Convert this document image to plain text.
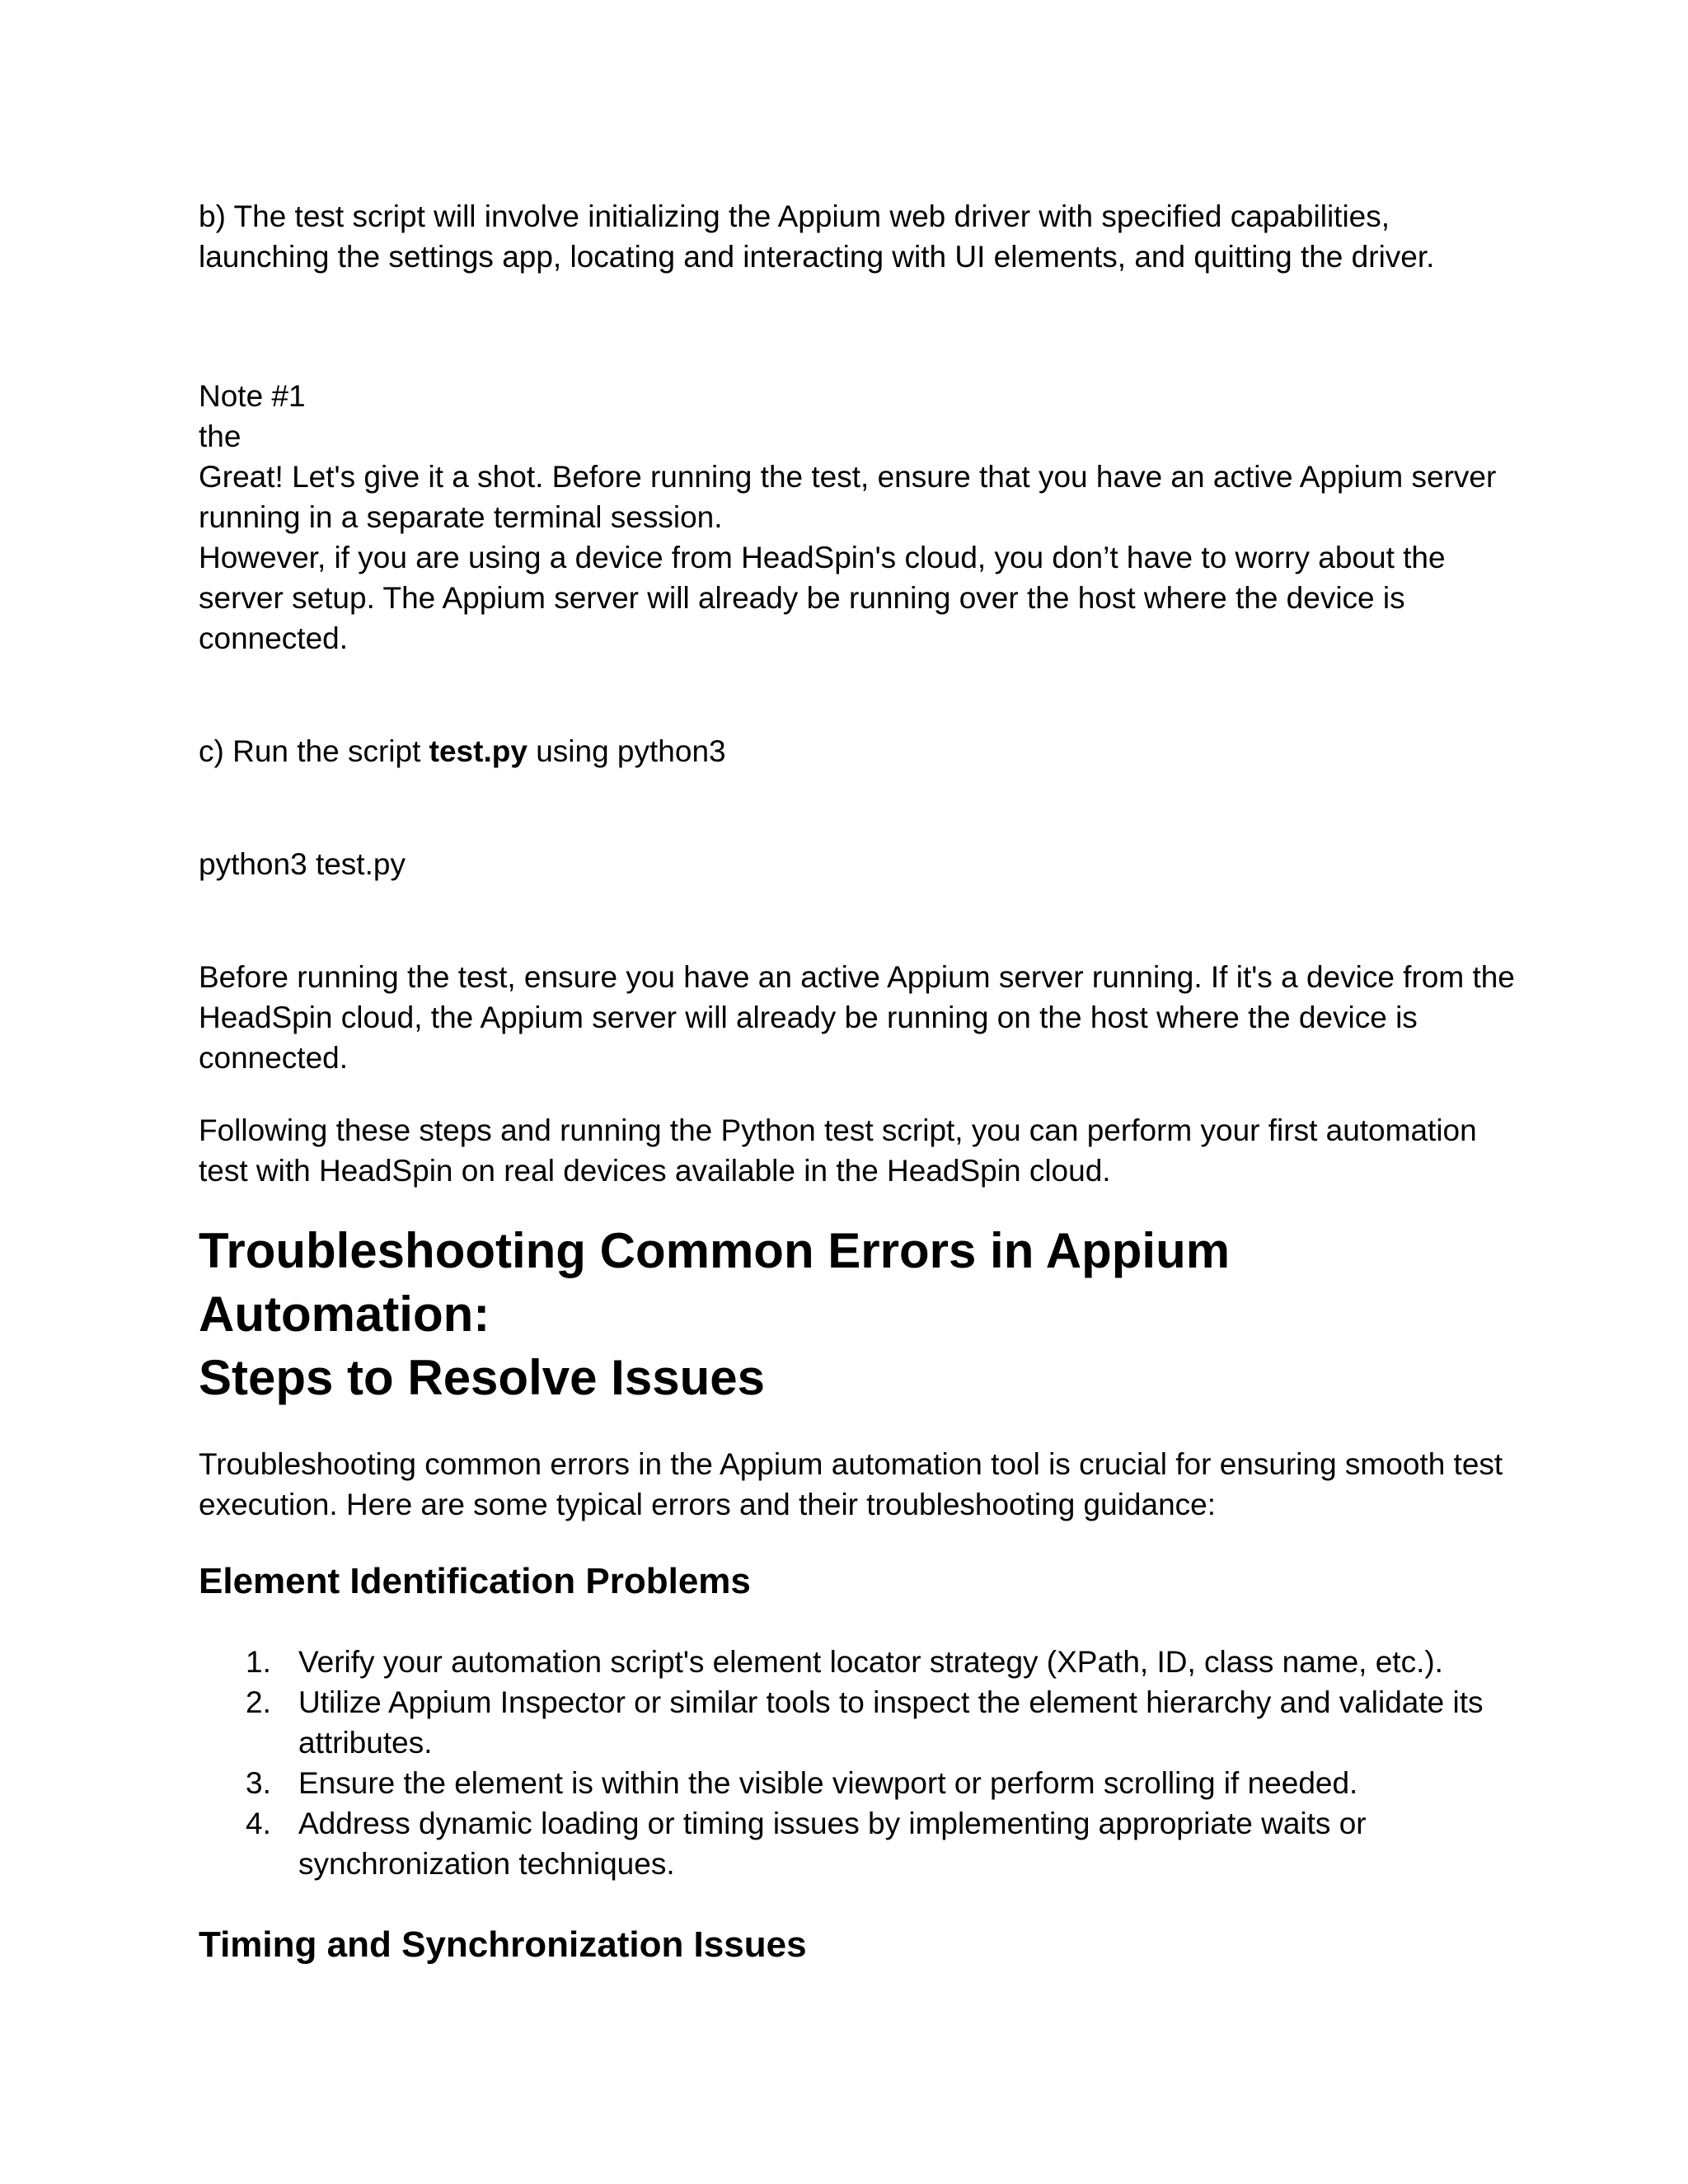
b) The test script will involve initializing the Appium web driver with specified capabilities, launching the settings app, locating and interacting with UI elements, and quitting the driver.

Note #1

the

Great! Let's give it a shot. Before running the test, ensure that you have an active Appium server running in a separate terminal session.

However, if you are using a device from HeadSpin's cloud, you don’t have to worry about the server setup. The Appium server will already be running over the host where the device is connected.

c) Run the script test.py using python3

python3 test.py

Before running the test, ensure you have an active Appium server running. If it's a device from the HeadSpin cloud, the Appium server will already be running on the host where the device is connected.

Following these steps and running the Python test script, you can perform your first automation test with HeadSpin on real devices available in the HeadSpin cloud.

Troubleshooting Common Errors in Appium Automation:
Steps to Resolve Issues

Troubleshooting common errors in the Appium automation tool is crucial for ensuring smooth test execution. Here are some typical errors and their troubleshooting guidance:

Element Identification Problems
1. Verify your automation script's element locator strategy (XPath, ID, class name, etc.).
2. Utilize Appium Inspector or similar tools to inspect the element hierarchy and validate its attributes.
3. Ensure the element is within the visible viewport or perform scrolling if needed.
4. Address dynamic loading or timing issues by implementing appropriate waits or synchronization techniques.
Timing and Synchronization Issues
